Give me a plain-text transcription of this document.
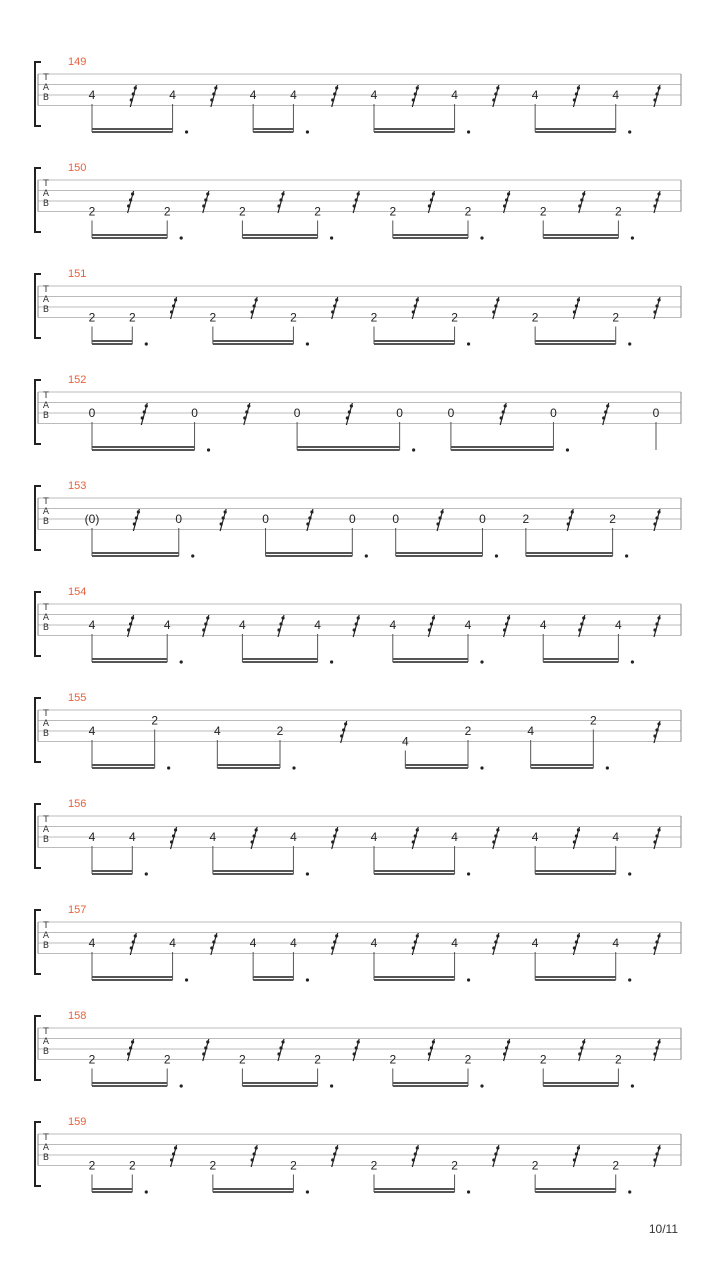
149
T
A
B	4	4	4	4	4	4	4	4
150
T
A
B
2	2	2	2	2	2	2	2
151
T
A
B
2	2	2	2	2	2	2	2
152
T
A
B	0	0	0	0	0	0	0
153
T
A
B	(0)	0	0	0	0	0	2	2
154
T
A
B	4	4	4	4	4	4	4	4
155
T
A
B	4
2
4	2
4
2	4
2
156
T
A
B	4	4	4	4	4	4	4	4
157
T
A
B	4	4	4	4	4	4	4	4
158
T
A
B
2	2	2	2	2	2	2	2
159
T
A
B
2	2	2	2	2	2	2	2
10/11
